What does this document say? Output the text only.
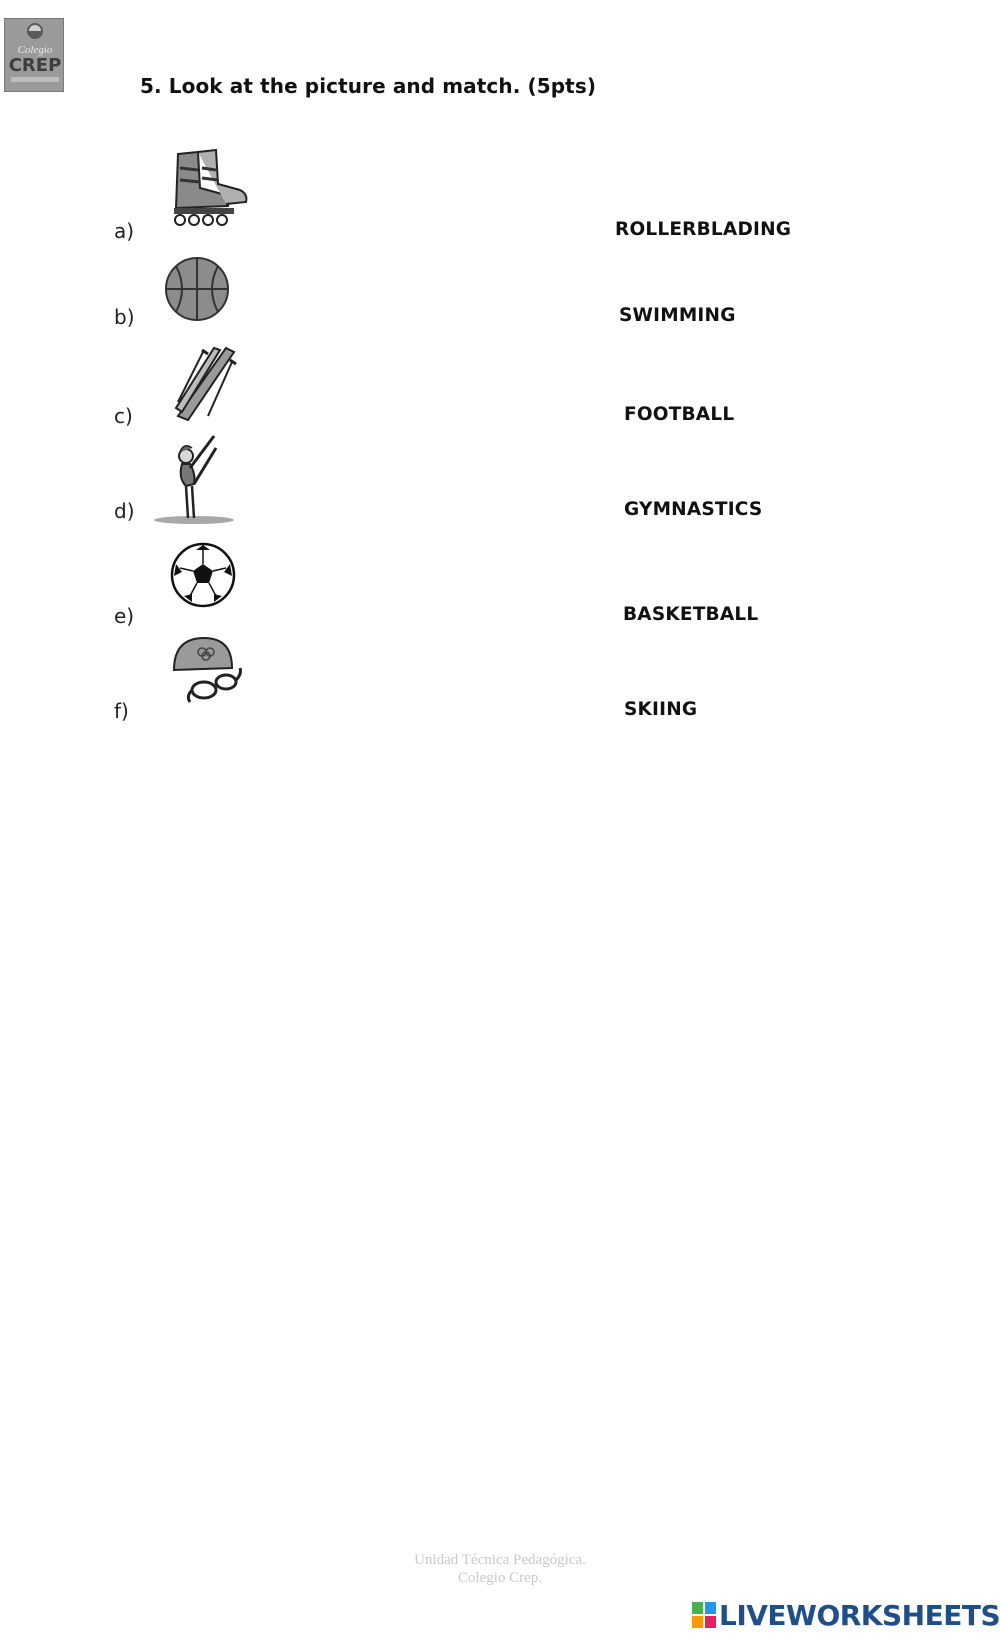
Colegio
CREP
5. Look at the picture and match. (5pts)
a)
b)
c)
d)
e)
f)
ROLLERBLADING
SWIMMING
FOOTBALL
GYMNASTICS
BASKETBALL
SKIING
Unidad Técnica Pedagógica.
Colegio Crep.
LIVEWORKSHEETS
